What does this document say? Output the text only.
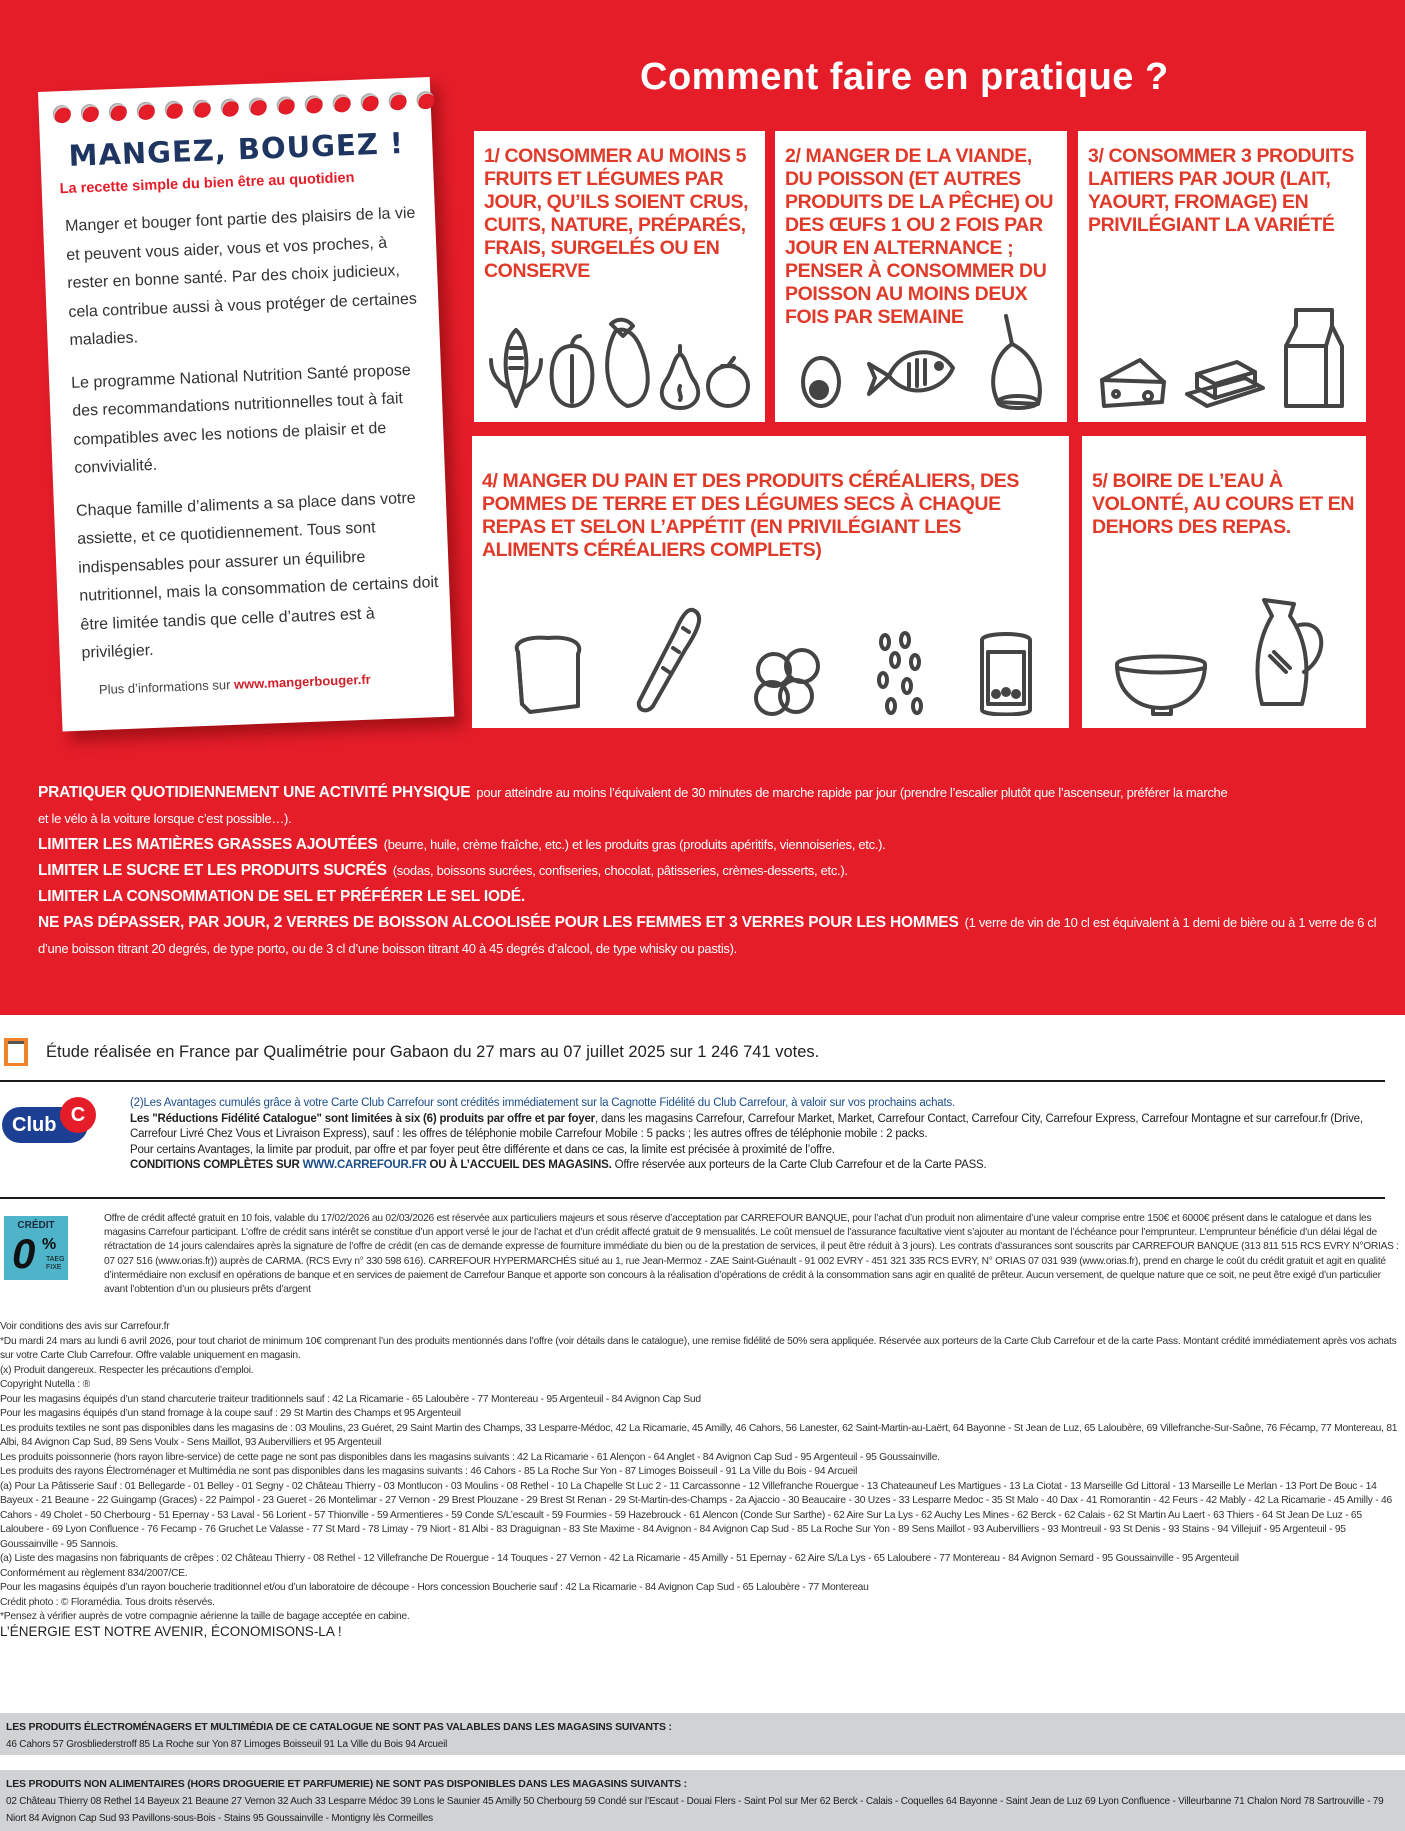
Comment faire en pratique ?
MANGEZ, BOUGEZ !
La recette simple du bien être au quotidien

Manger et bouger font partie des plaisirs de la vie et peuvent vous aider, vous et vos proches, à rester en bonne santé. Par des choix judicieux, cela contribue aussi à vous protéger de certaines maladies.

Le programme National Nutrition Santé propose des recommandations nutritionnelles tout à fait compatibles avec les notions de plaisir et de convivialité.

Chaque famille d’aliments a sa place dans votre assiette, et ce quotidiennement. Tous sont indispensables pour assurer un équilibre nutritionnel, mais la consommation de certains doit être limitée tandis que celle d’autres est à privilégier.

Plus d’informations sur www.mangerbouger.fr
1/ CONSOMMER AU MOINS 5 FRUITS ET LÉGUMES PAR JOUR, QU’ILS SOIENT CRUS, CUITS, NATURE, PRÉPARÉS, FRAIS, SURGELÉS OU EN CONSERVE
2/ MANGER DE LA VIANDE, DU POISSON (ET AUTRES PRODUITS DE LA PÊCHE) OU DES ŒUFS 1 OU 2 FOIS PAR JOUR EN ALTERNANCE ; PENSER À CONSOMMER DU POISSON AU MOINS DEUX FOIS PAR SEMAINE
3/ CONSOMMER 3 PRODUITS LAITIERS PAR JOUR (LAIT, YAOURT, FROMAGE) EN PRIVILÉGIANT LA VARIÉTÉ
4/ MANGER DU PAIN ET DES PRODUITS CÉRÉALIERS, DES POMMES DE TERRE ET DES LÉGUMES SECS À CHAQUE REPAS ET SELON L’APPÉTIT (EN PRIVILÉGIANT LES ALIMENTS CÉRÉALIERS COMPLETS)
5/ BOIRE DE L’EAU À VOLONTÉ, AU COURS ET EN DEHORS DES REPAS.
PRATIQUER QUOTIDIENNEMENT UNE ACTIVITÉ PHYSIQUE pour atteindre au moins l’équivalent de 30 minutes de marche rapide par jour (prendre l’escalier plutôt que l’ascenseur, préférer la marche
et le vélo à la voiture lorsque c’est possible…).
LIMITER LES MATIÈRES GRASSES AJOUTÉES (beurre, huile, crème fraîche, etc.) et les produits gras (produits apéritifs, viennoiseries, etc.).
LIMITER LE SUCRE ET LES PRODUITS SUCRÉS (sodas, boissons sucrées, confiseries, chocolat, pâtisseries, crèmes-desserts, etc.).
LIMITER LA CONSOMMATION DE SEL ET PRÉFÉRER LE SEL IODÉ.
NE PAS DÉPASSER, PAR JOUR, 2 VERRES DE BOISSON ALCOOLISÉE POUR LES FEMMES ET 3 VERRES POUR LES HOMMES (1 verre de vin de 10 cl est équivalent à 1 demi de bière ou à 1 verre de 6 cl
d’une boisson titrant 20 degrés, de type porto, ou de 3 cl d’une boisson titrant 40 à 45 degrés d’alcool, de type whisky ou pastis).
Étude réalisée en France par Qualimétrie pour Gabaon du 27 mars au 07 juillet 2025 sur 1 246 741 votes.
Club C
(2)Les Avantages cumulés grâce à votre Carte Club Carrefour sont crédités immédiatement sur la Cagnotte Fidélité du Club Carrefour, à valoir sur vos prochains achats.
Les "Réductions Fidélité Catalogue" sont limitées à six (6) produits par offre et par foyer, dans les magasins Carrefour, Carrefour Market, Market, Carrefour Contact, Carrefour City, Carrefour Express, Carrefour Montagne et sur carrefour.fr (Drive, Carrefour Livré Chez Vous et Livraison Express), sauf : les offres de téléphonie mobile Carrefour Mobile : 5 packs ; les autres offres de téléphonie mobile : 2 packs.
Pour certains Avantages, la limite par produit, par offre et par foyer peut être différente et dans ce cas, la limite est précisée à proximité de l’offre.
CONDITIONS COMPLÈTES SUR WWW.CARREFOUR.FR OU À L’ACCUEIL DES MAGASINS. Offre réservée aux porteurs de la Carte Club Carrefour et de la Carte PASS.
CRÉDIT
0 %
TAEG FIXE
Offre de crédit affecté gratuit en 10 fois, valable du 17/02/2026 au 02/03/2026 est réservée aux particuliers majeurs et sous réserve d’acceptation par CARREFOUR BANQUE, pour l’achat d’un produit non alimentaire d’une valeur comprise entre 150€ et 6000€ présent dans le catalogue et dans les magasins Carrefour participant. L’offre de crédit sans intérêt se constitue d’un apport versé le jour de l’achat et d’un crédit affecté gratuit de 9 mensualités. Le coût mensuel de l’assurance facultative vient s’ajouter au montant de l’échéance pour l’emprunteur. L’emprunteur bénéficie d’un délai légal de rétractation de 14 jours calendaires après la signature de l’offre de crédit (en cas de demande expresse de fourniture immédiate du bien ou de la prestation de services, il peut être réduit à 3 jours). Les contrats d’assurances sont souscrits par CARREFOUR BANQUE (313 811 515 RCS EVRY N°ORIAS : 07 027 516 (www.orias.fr)) auprès de CARMA. (RCS Evry n° 330 598 616). CARREFOUR HYPERMARCHÉS situé au 1, rue Jean-Mermoz - ZAE Saint-Guénault - 91 002 EVRY - 451 321 335 RCS EVRY, N° ORIAS 07 031 939 (www.orias.fr), prend en charge le coût du crédit gratuit et agit en qualité d’intermédiaire non exclusif en opérations de banque et en services de paiement de Carrefour Banque et apporte son concours à la réalisation d’opérations de crédit à la consommation sans agir en qualité de prêteur. Aucun versement, de quelque nature que ce soit, ne peut être exigé d’un particulier avant l’obtention d’un ou plusieurs prêts d’argent
Voir conditions des avis sur Carrefour.fr
*Du mardi 24 mars au lundi 6 avril 2026, pour tout chariot de minimum 10€ comprenant l’un des produits mentionnés dans l’offre (voir détails dans le catalogue), une remise fidélité de 50% sera appliquée. Réservée aux porteurs de la Carte Club Carrefour et de la carte Pass. Montant crédité immédiatement après vos achats sur votre Carte Club Carrefour. Offre valable uniquement en magasin.
(x) Produit dangereux. Respecter les précautions d’emploi.
Copyright Nutella : ®
Pour les magasins équipés d’un stand charcuterie traiteur traditionnels sauf : 42 La Ricamarie - 65 Laloubère - 77 Montereau - 95 Argenteuil - 84 Avignon Cap Sud
Pour les magasins équipés d’un stand fromage à la coupe sauf : 29 St Martin des Champs et 95 Argenteuil
Les produits textiles ne sont pas disponibles dans les magasins de : 03 Moulins, 23 Guéret, 29 Saint Martin des Champs, 33 Lesparre-Médoc, 42 La Ricamarie, 45 Amilly, 46 Cahors, 56 Lanester, 62 Saint-Martin-au-Laërt, 64 Bayonne - St Jean de Luz, 65 Laloubère, 69 Villefranche-Sur-Saône, 76 Fécamp, 77 Montereau, 81 Albi, 84 Avignon Cap Sud, 89 Sens Voulx - Sens Maillot, 93 Aubervilliers et 95 Argenteuil
Les produits poissonnerie (hors rayon libre-service) de cette page ne sont pas disponibles dans les magasins suivants : 42 La Ricamarie - 61 Alençon - 64 Anglet - 84 Avignon Cap Sud - 95 Argenteuil - 95 Goussainville.
Les produits des rayons Électroménager et Multimédia ne sont pas disponibles dans les magasins suivants : 46 Cahors - 85 La Roche Sur Yon - 87 Limoges Boisseuil - 91 La Ville du Bois - 94 Arcueil
(a) Pour La Pâtisserie Sauf : 01 Bellegarde - 01 Belley - 01 Segny - 02 Château Thierry - 03 Montlucon - 03 Moulins - 08 Rethel - 10 La Chapelle St Luc 2 - 11 Carcassonne - 12 Villefranche Rouergue - 13 Chateauneuf Les Martigues - 13 La Ciotat - 13 Marseille Gd Littoral - 13 Marseille Le Merlan - 13 Port De Bouc - 14 Bayeux - 21 Beaune - 22 Guingamp (Graces) - 22 Paimpol - 23 Gueret - 26 Montelimar - 27 Vernon - 29 Brest Plouzane - 29 Brest St Renan - 29 St-Martin-des-Champs - 2a Ajaccio - 30 Beaucaire - 30 Uzes - 33 Lesparre Medoc - 35 St Malo - 40 Dax - 41 Romorantin - 42 Feurs - 42 Mably - 42 La Ricamarie - 45 Amilly - 46 Cahors - 49 Cholet - 50 Cherbourg - 51 Epernay - 53 Laval - 56 Lorient - 57 Thionville - 59 Armentieres - 59 Conde S/L’escault - 59 Fourmies - 59 Hazebrouck - 61 Alencon (Conde Sur Sarthe) - 62 Aire Sur La Lys - 62 Auchy Les Mines - 62 Berck - 62 Calais - 62 St Martin Au Laert - 63 Thiers - 64 St Jean De Luz - 65 Laloubere - 69 Lyon Confluence - 76 Fecamp - 76 Gruchet Le Valasse - 77 St Mard - 78 Limay - 79 Niort - 81 Albi - 83 Draguignan - 83 Ste Maxime - 84 Avignon - 84 Avignon Cap Sud - 85 La Roche Sur Yon - 89 Sens Maillot - 93 Aubervilliers - 93 Montreuil - 93 St Denis - 93 Stains - 94 Villejuif - 95 Argenteuil - 95 Goussainville - 95 Sannois.
(a) Liste des magasins non fabriquants de crêpes : 02 Château Thierry - 08 Rethel - 12 Villefranche De Rouergue - 14 Touques - 27 Vernon - 42 La Ricamarie - 45 Amilly - 51 Epernay - 62 Aire S/La Lys - 65 Laloubere - 77 Montereau - 84 Avignon Semard - 95 Goussainville - 95 Argenteuil
Conformément au règlement 834/2007/CE.
Pour les magasins équipés d’un rayon boucherie traditionnel et/ou d’un laboratoire de découpe - Hors concession Boucherie sauf : 42 La Ricamarie - 84 Avignon Cap Sud - 65 Laloubère - 77 Montereau
Crédit photo : © Floramédia. Tous droits réservés.
*Pensez à vérifier auprès de votre compagnie aérienne la taille de bagage acceptée en cabine.
L’ÉNERGIE EST NOTRE AVENIR, ÉCONOMISONS-LA !
LES PRODUITS ÉLECTROMÉNAGERS ET MULTIMÉDIA DE CE CATALOGUE NE SONT PAS VALABLES DANS LES MAGASINS SUIVANTS :
46 Cahors 57 Grosbliederstroff 85 La Roche sur Yon 87 Limoges Boisseuil 91 La Ville du Bois 94 Arcueil
LES PRODUITS NON ALIMENTAIRES (HORS DROGUERIE ET PARFUMERIE) NE SONT PAS DISPONIBLES DANS LES MAGASINS SUIVANTS :
02 Château Thierry 08 Rethel 14 Bayeux 21 Beaune 27 Vernon 32 Auch 33 Lesparre Médoc 39 Lons le Saunier 45 Amilly 50 Cherbourg 59 Condé sur l’Escaut - Douai Flers - Saint Pol sur Mer 62 Berck - Calais - Coquelles 64 Bayonne - Saint Jean de Luz 69 Lyon Confluence - Villeurbanne 71 Chalon Nord 78 Sartrouville - 79 Niort 84 Avignon Cap Sud 93 Pavillons-sous-Bois - Stains 95 Goussainville - Montigny lès Cormeilles
